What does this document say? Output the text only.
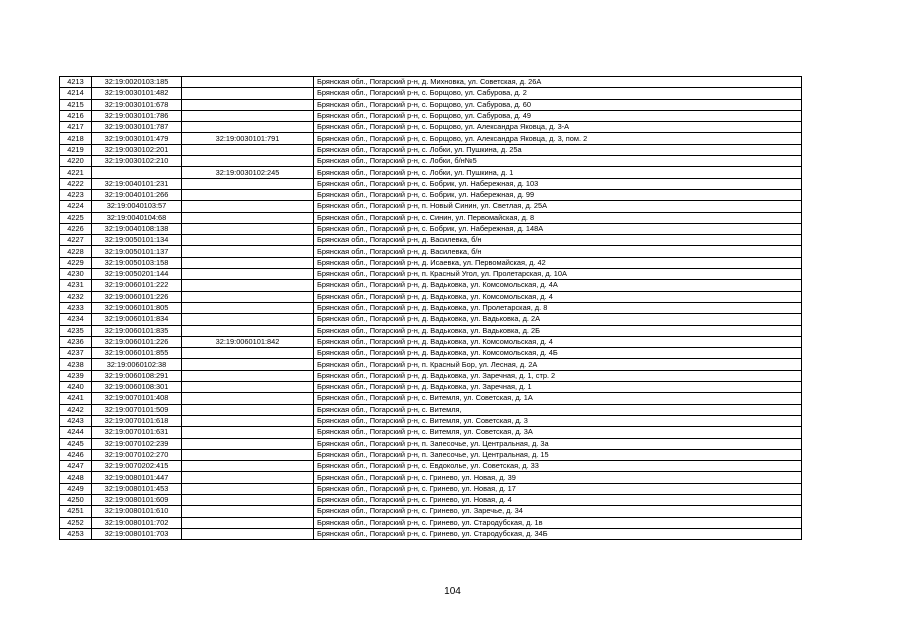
4213	32:19:0020103:185		Брянская обл., Погарский р-н, д. Михновка, ул. Советская, д. 26А
4214	32:19:0030101:482		Брянская обл., Погарский р-н, с. Борщово, ул. Сабурова, д. 2
4215	32:19:0030101:678		Брянская обл., Погарский р-н, с. Борщово, ул. Сабурова, д. 60
4216	32:19:0030101:786		Брянская обл., Погарский р-н, с. Борщово, ул. Сабурова, д. 49
4217	32:19:0030101:787		Брянская обл., Погарский р-н, с. Борщово, ул. Александра Яковца, д. 3-А
4218	32:19:0030101:479	32:19:0030101:791	Брянская обл., Погарский р-н, с. Борщово, ул. Александра Яковца, д. 3, пом. 2
4219	32:19:0030102:201		Брянская обл., Погарский р-н, с. Лобки, ул. Пушкина, д. 25а
4220	32:19:0030102:210		Брянская обл., Погарский р-н, с. Лобки, б/н№5
4221		32:19:0030102:245	Брянская обл., Погарский р-н, с. Лобки, ул. Пушкина, д. 1
4222	32:19:0040101:231		Брянская обл., Погарский р-н, с. Бобрик, ул. Набережная, д. 103
4223	32:19:0040101:266		Брянская обл., Погарский р-н, с. Бобрик, ул. Набережная, д. 99
4224	32:19:0040103:57		Брянская обл., Погарский р-н, п. Новый Синин, ул. Светлая, д. 25А
4225	32:19:0040104:68		Брянская обл., Погарский р-н, с. Синин, ул. Первомайская, д. 8
4226	32:19:0040108:138		Брянская обл., Погарский р-н, с. Бобрик, ул. Набережная, д. 148А
4227	32:19:0050101:134		Брянская обл., Погарский р-н, д. Василевка, б/н
4228	32:19:0050101:137		Брянская обл., Погарский р-н, д. Василевка, б/н
4229	32:19:0050103:158		Брянская обл., Погарский р-н, д. Исаевка, ул. Первомайская, д. 42
4230	32:19:0050201:144		Брянская обл., Погарский р-н, п. Красный Угол, ул. Пролетарская, д. 10А
4231	32:19:0060101:222		Брянская обл., Погарский р-н, д. Вадьковка, ул. Комсомольская, д. 4А
4232	32:19:0060101:226		Брянская обл., Погарский р-н, д. Вадьковка, ул. Комсомольская, д. 4
4233	32:19:0060101:805		Брянская обл., Погарский р-н, д. Вадьковка, ул. Пролетарская, д. 8
4234	32:19:0060101:834		Брянская обл., Погарский р-н, д. Вадьковка, ул. Вадьковка, д. 2А
4235	32:19:0060101:835		Брянская обл., Погарский р-н, д. Вадьковка, ул. Вадьковка, д. 2Б
4236	32:19:0060101:226	32:19:0060101:842	Брянская обл., Погарский р-н, д. Вадьковка, ул. Комсомольская, д. 4
4237	32:19:0060101:855		Брянская обл., Погарский р-н, д. Вадьковка, ул. Комсомольская, д. 4Б
4238	32:19:0060102:38		Брянская обл., Погарский р-н, п. Красный Бор, ул. Лесная, д. 2А
4239	32:19:0060108:291		Брянская обл., Погарский р-н, д. Вадьковка, ул. Заречная, д. 1, стр. 2
4240	32:19:0060108:301		Брянская обл., Погарский р-н, д. Вадьковка, ул. Заречная, д. 1
4241	32:19:0070101:408		Брянская обл., Погарский р-н, с. Витемля, ул. Советская, д. 1А
4242	32:19:0070101:509		Брянская обл., Погарский р-н, с. Витемля,
4243	32:19:0070101:618		Брянская обл., Погарский р-н, с. Витемля, ул. Советская, д. 3
4244	32:19:0070101:631		Брянская обл., Погарский р-н, с. Витемля, ул. Советская, д. 3А
4245	32:19:0070102:239		Брянская обл., Погарский р-н, п. Запесочье, ул. Центральная, д. 3а
4246	32:19:0070102:270		Брянская обл., Погарский р-н, п. Запесочье, ул. Центральная, д. 15
4247	32:19:0070202:415		Брянская обл., Погарский р-н, с. Евдоколье, ул. Советская, д. 33
4248	32:19:0080101:447		Брянская обл., Погарский р-н, с. Гринево, ул. Новая, д. 39
4249	32:19:0080101:453		Брянская обл., Погарский р-н, с. Гринево, ул. Новая, д. 17
4250	32:19:0080101:609		Брянская обл., Погарский р-н, с. Гринево, ул. Новая, д. 4
4251	32:19:0080101:610		Брянская обл., Погарский р-н, с. Гринево, ул. Заречье, д. 34
4252	32:19:0080101:702		Брянская обл., Погарский р-н, с. Гринево, ул. Стародубская, д. 1в
4253	32:19:0080101:703		Брянская обл., Погарский р-н, с. Гринево, ул. Стародубская, д. 34Б
104
